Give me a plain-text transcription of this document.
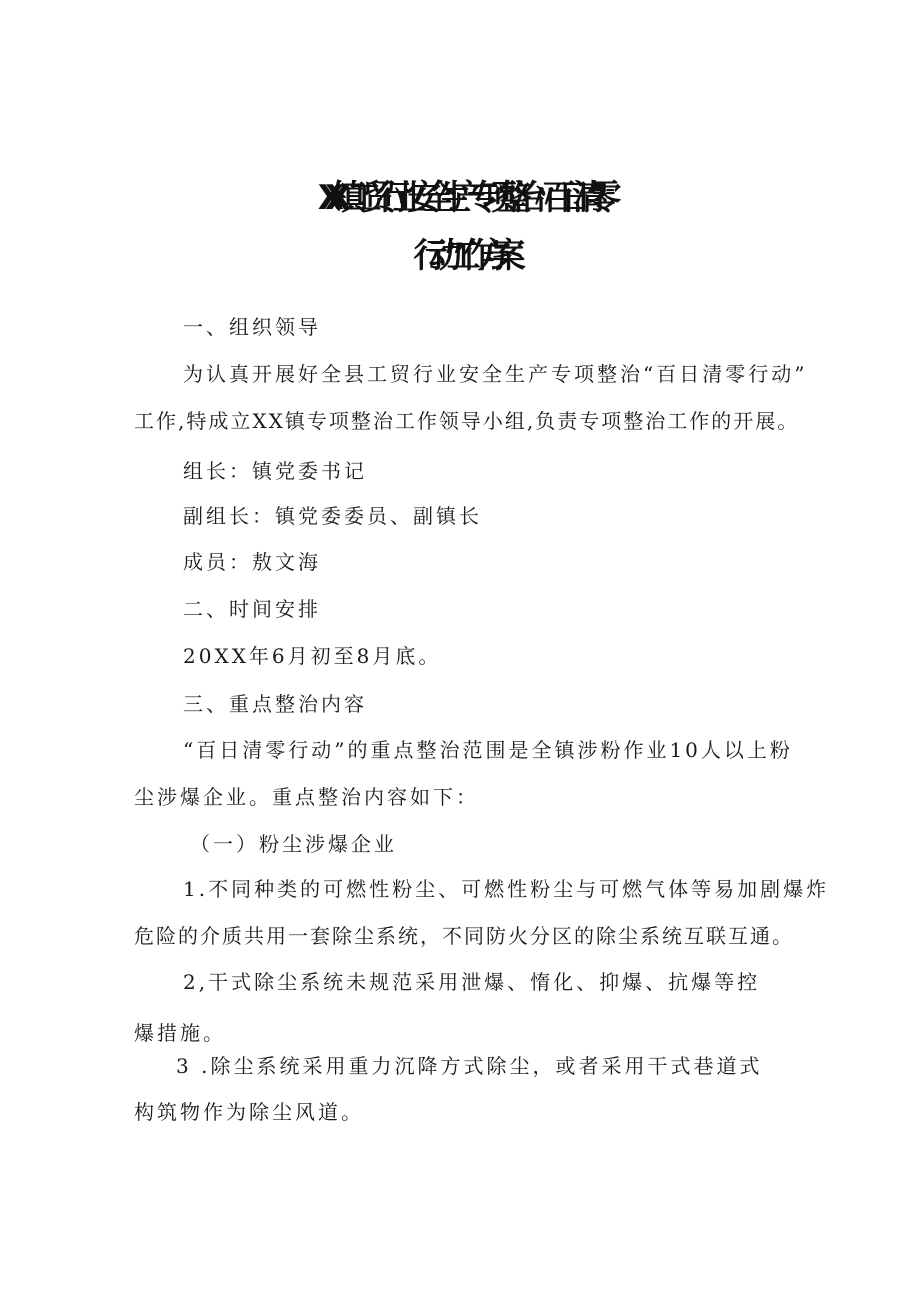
XX镇工贸行业安全生产专项整治〃百日清零
行动”工作方案
一、组织领导
为认真开展好全县工贸行业安全生产专项整治“百日清零行动”
工作,特成立XX镇专项整治工作领导小组,负责专项整治工作的开展。
组长：镇党委书记
副组长：镇党委委员、副镇长
成员：敖文海
二、时间安排
20XX年6月初至8月底。
三、重点整治内容
“百日清零行动”的重点整治范围是全镇涉粉作业10人以上粉
尘涉爆企业。重点整治内容如下：
（一）粉尘涉爆企业
1.不同种类的可燃性粉尘、可燃性粉尘与可燃气体等易加剧爆炸
危险的介质共用一套除尘系统，不同防火分区的除尘系统互联互通。
2,干式除尘系统未规范采用泄爆、惰化、抑爆、抗爆等控
爆措施。
3 .除尘系统采用重力沉降方式除尘，或者采用干式巷道式
构筑物作为除尘风道。
